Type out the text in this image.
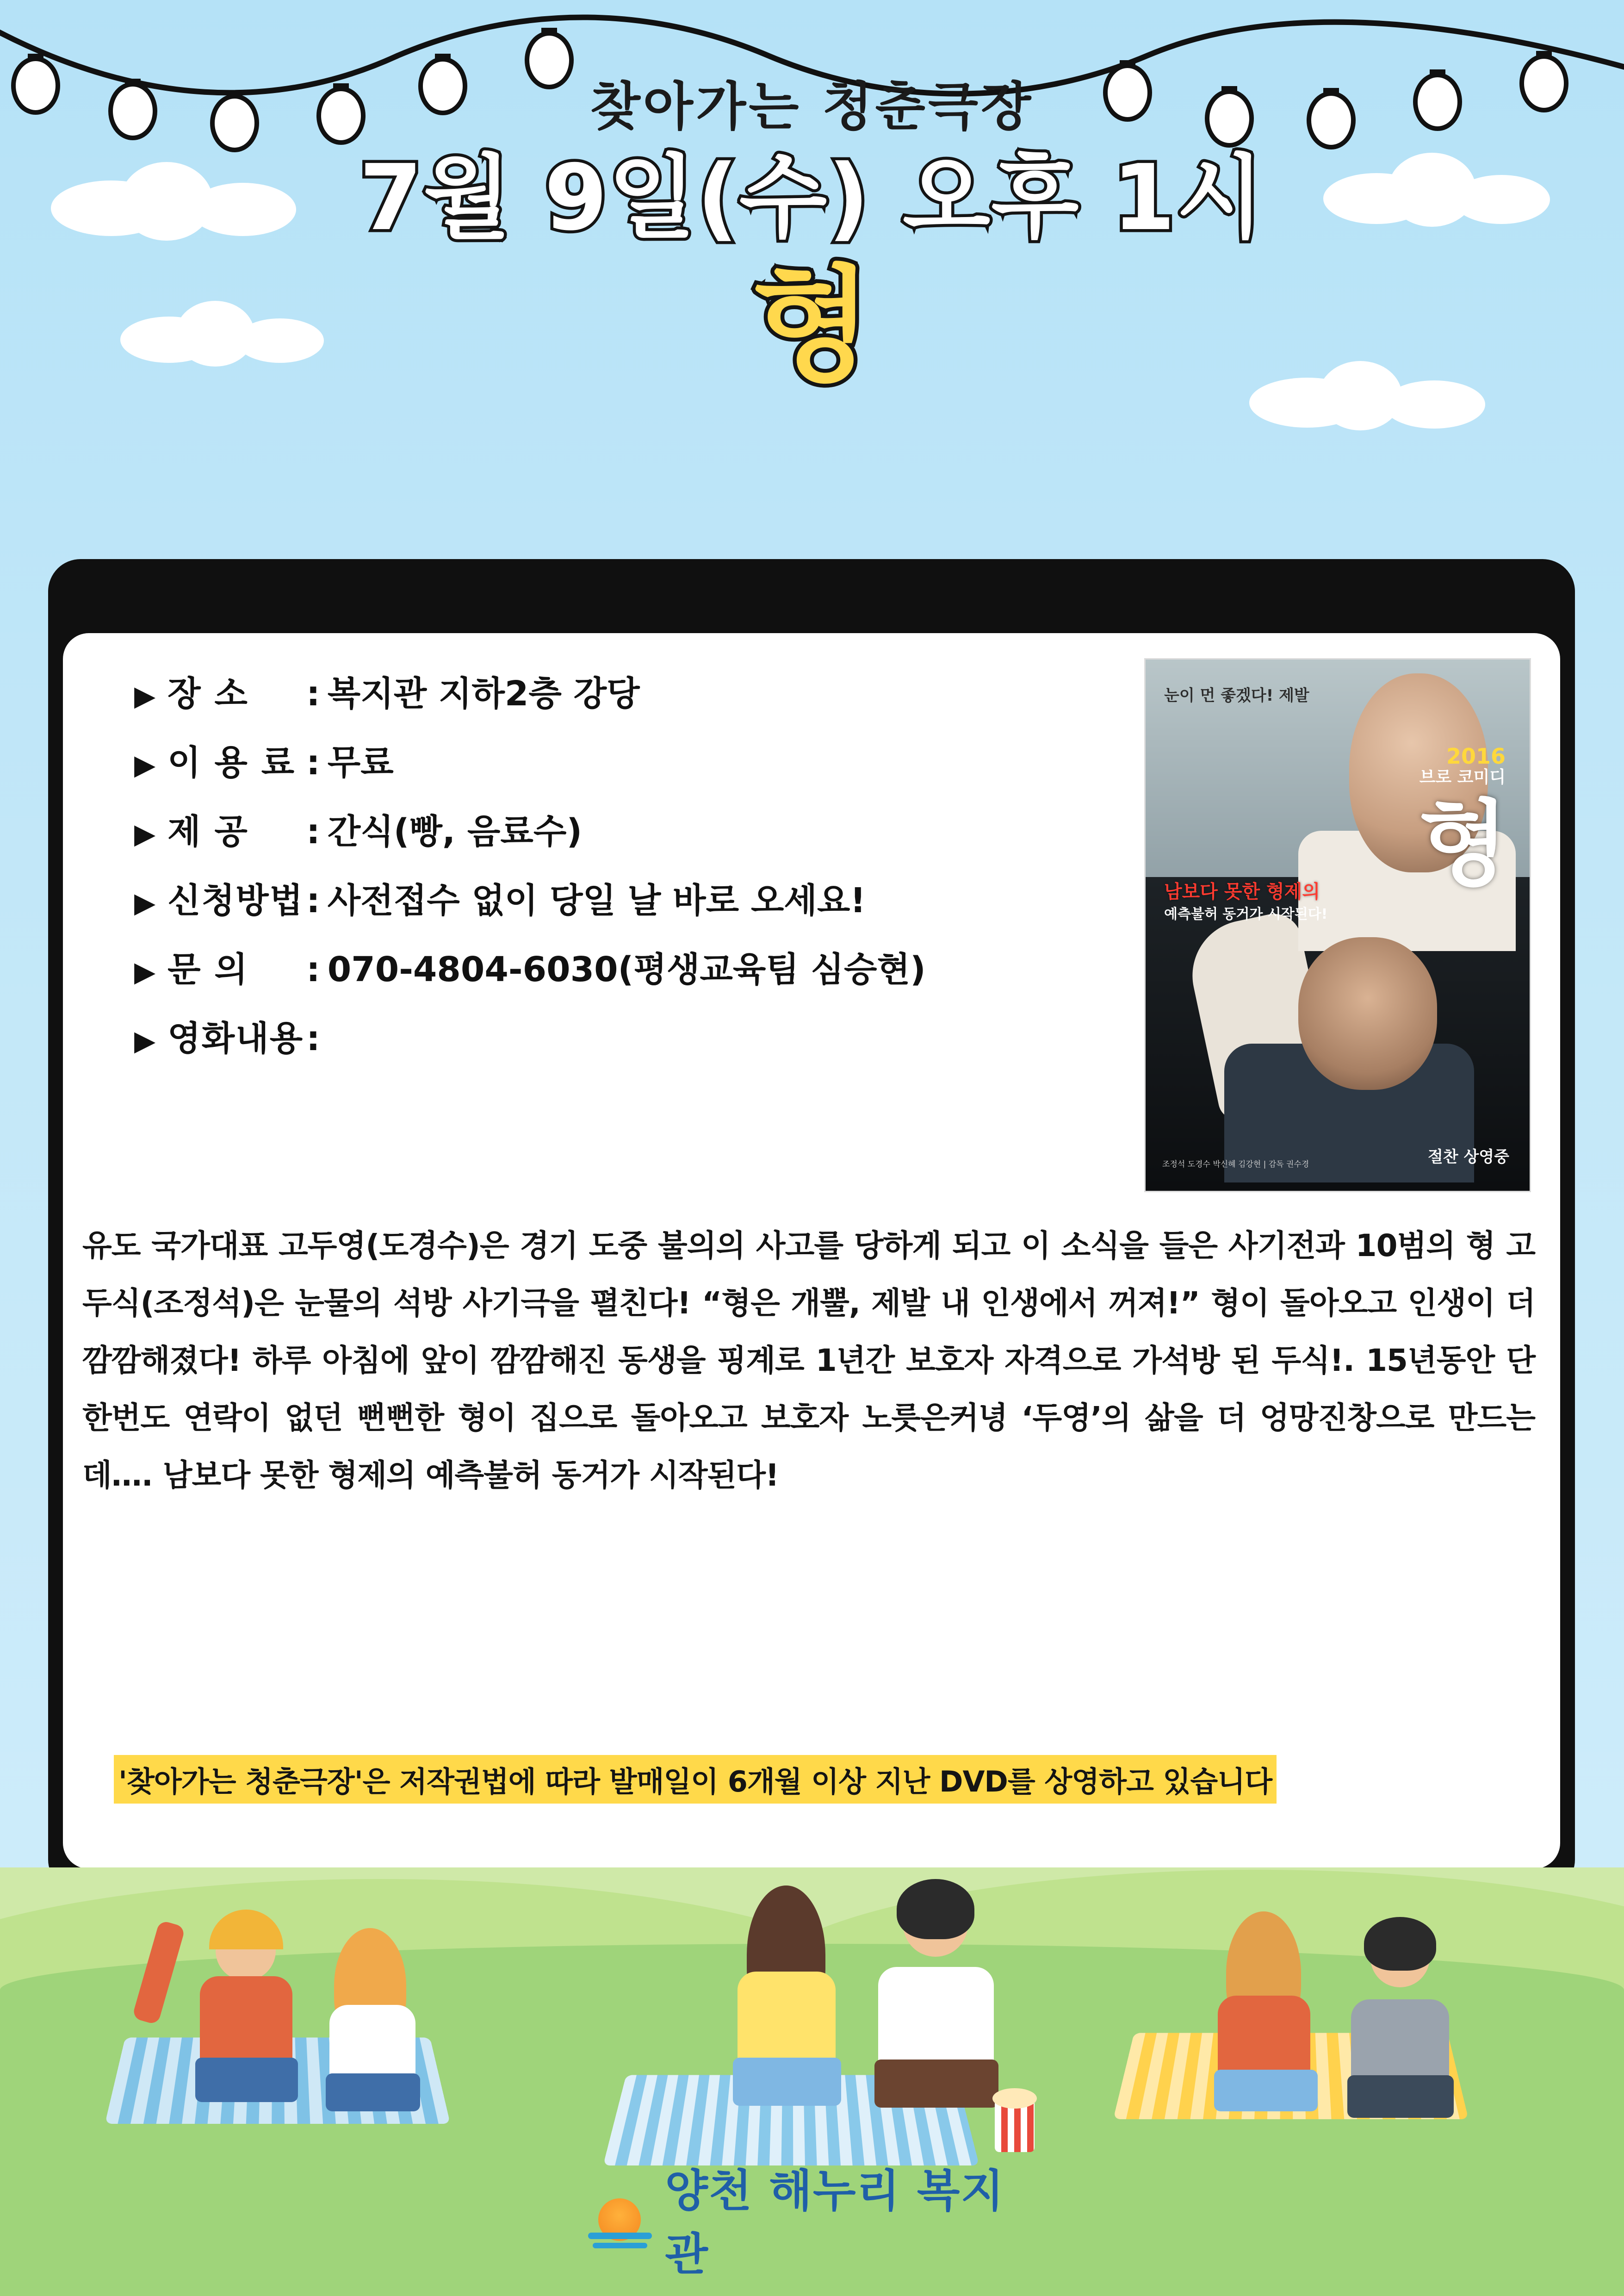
찾아가는 청춘극장
7월 9일(수) 오후 1시
형
▶ 장 소	: 복지관 지하2층 강당
▶ 이 용 료 : 무료
▶ 제 공	: 간식(빵, 음료수)
▶ 신청방법 : 사전접수 없이 당일 날 바로 오세요!
▶ 문 의	: 070-4804-6030(평생교육팀 심승현)
▶ 영화내용 :
눈이 먼 좋겠다! 제발
2016
브로 코미디
형
남보다 못한 형제의
예측불허 동거가 시작된다!
조정석 도경수 박신혜 김강현 | 감독 권수경	절찬 상영중
유도 국가대표 고두영(도경수)은 경기 도중 불의의 사고를 당하게 되고 이 소식을 들은 사기전과 10범의 형 고두식(조정석)은 눈물의 석방 사기극을 펼친다! “형은 개뿔, 제발 내 인생에서 꺼져!” 형이 돌아오고 인생이 더 깜깜해졌다! 하루 아침에 앞이 깜깜해진 동생을 핑계로 1년간 보호자 자격으로 가석방 된 두식!. 15년동안 단 한번도 연락이 없던 뻔뻔한 형이 집으로 돌아오고 보호자 노릇은커녕 ‘두영’의 삶을 더 엉망진창으로 만드는데…. 남보다 못한 형제의 예측불허 동거가 시작된다!
'찾아가는 청춘극장'은 저작권법에 따라 발매일이 6개월 이상 지난 DVD를 상영하고 있습니다
양천 해누리 복지관
